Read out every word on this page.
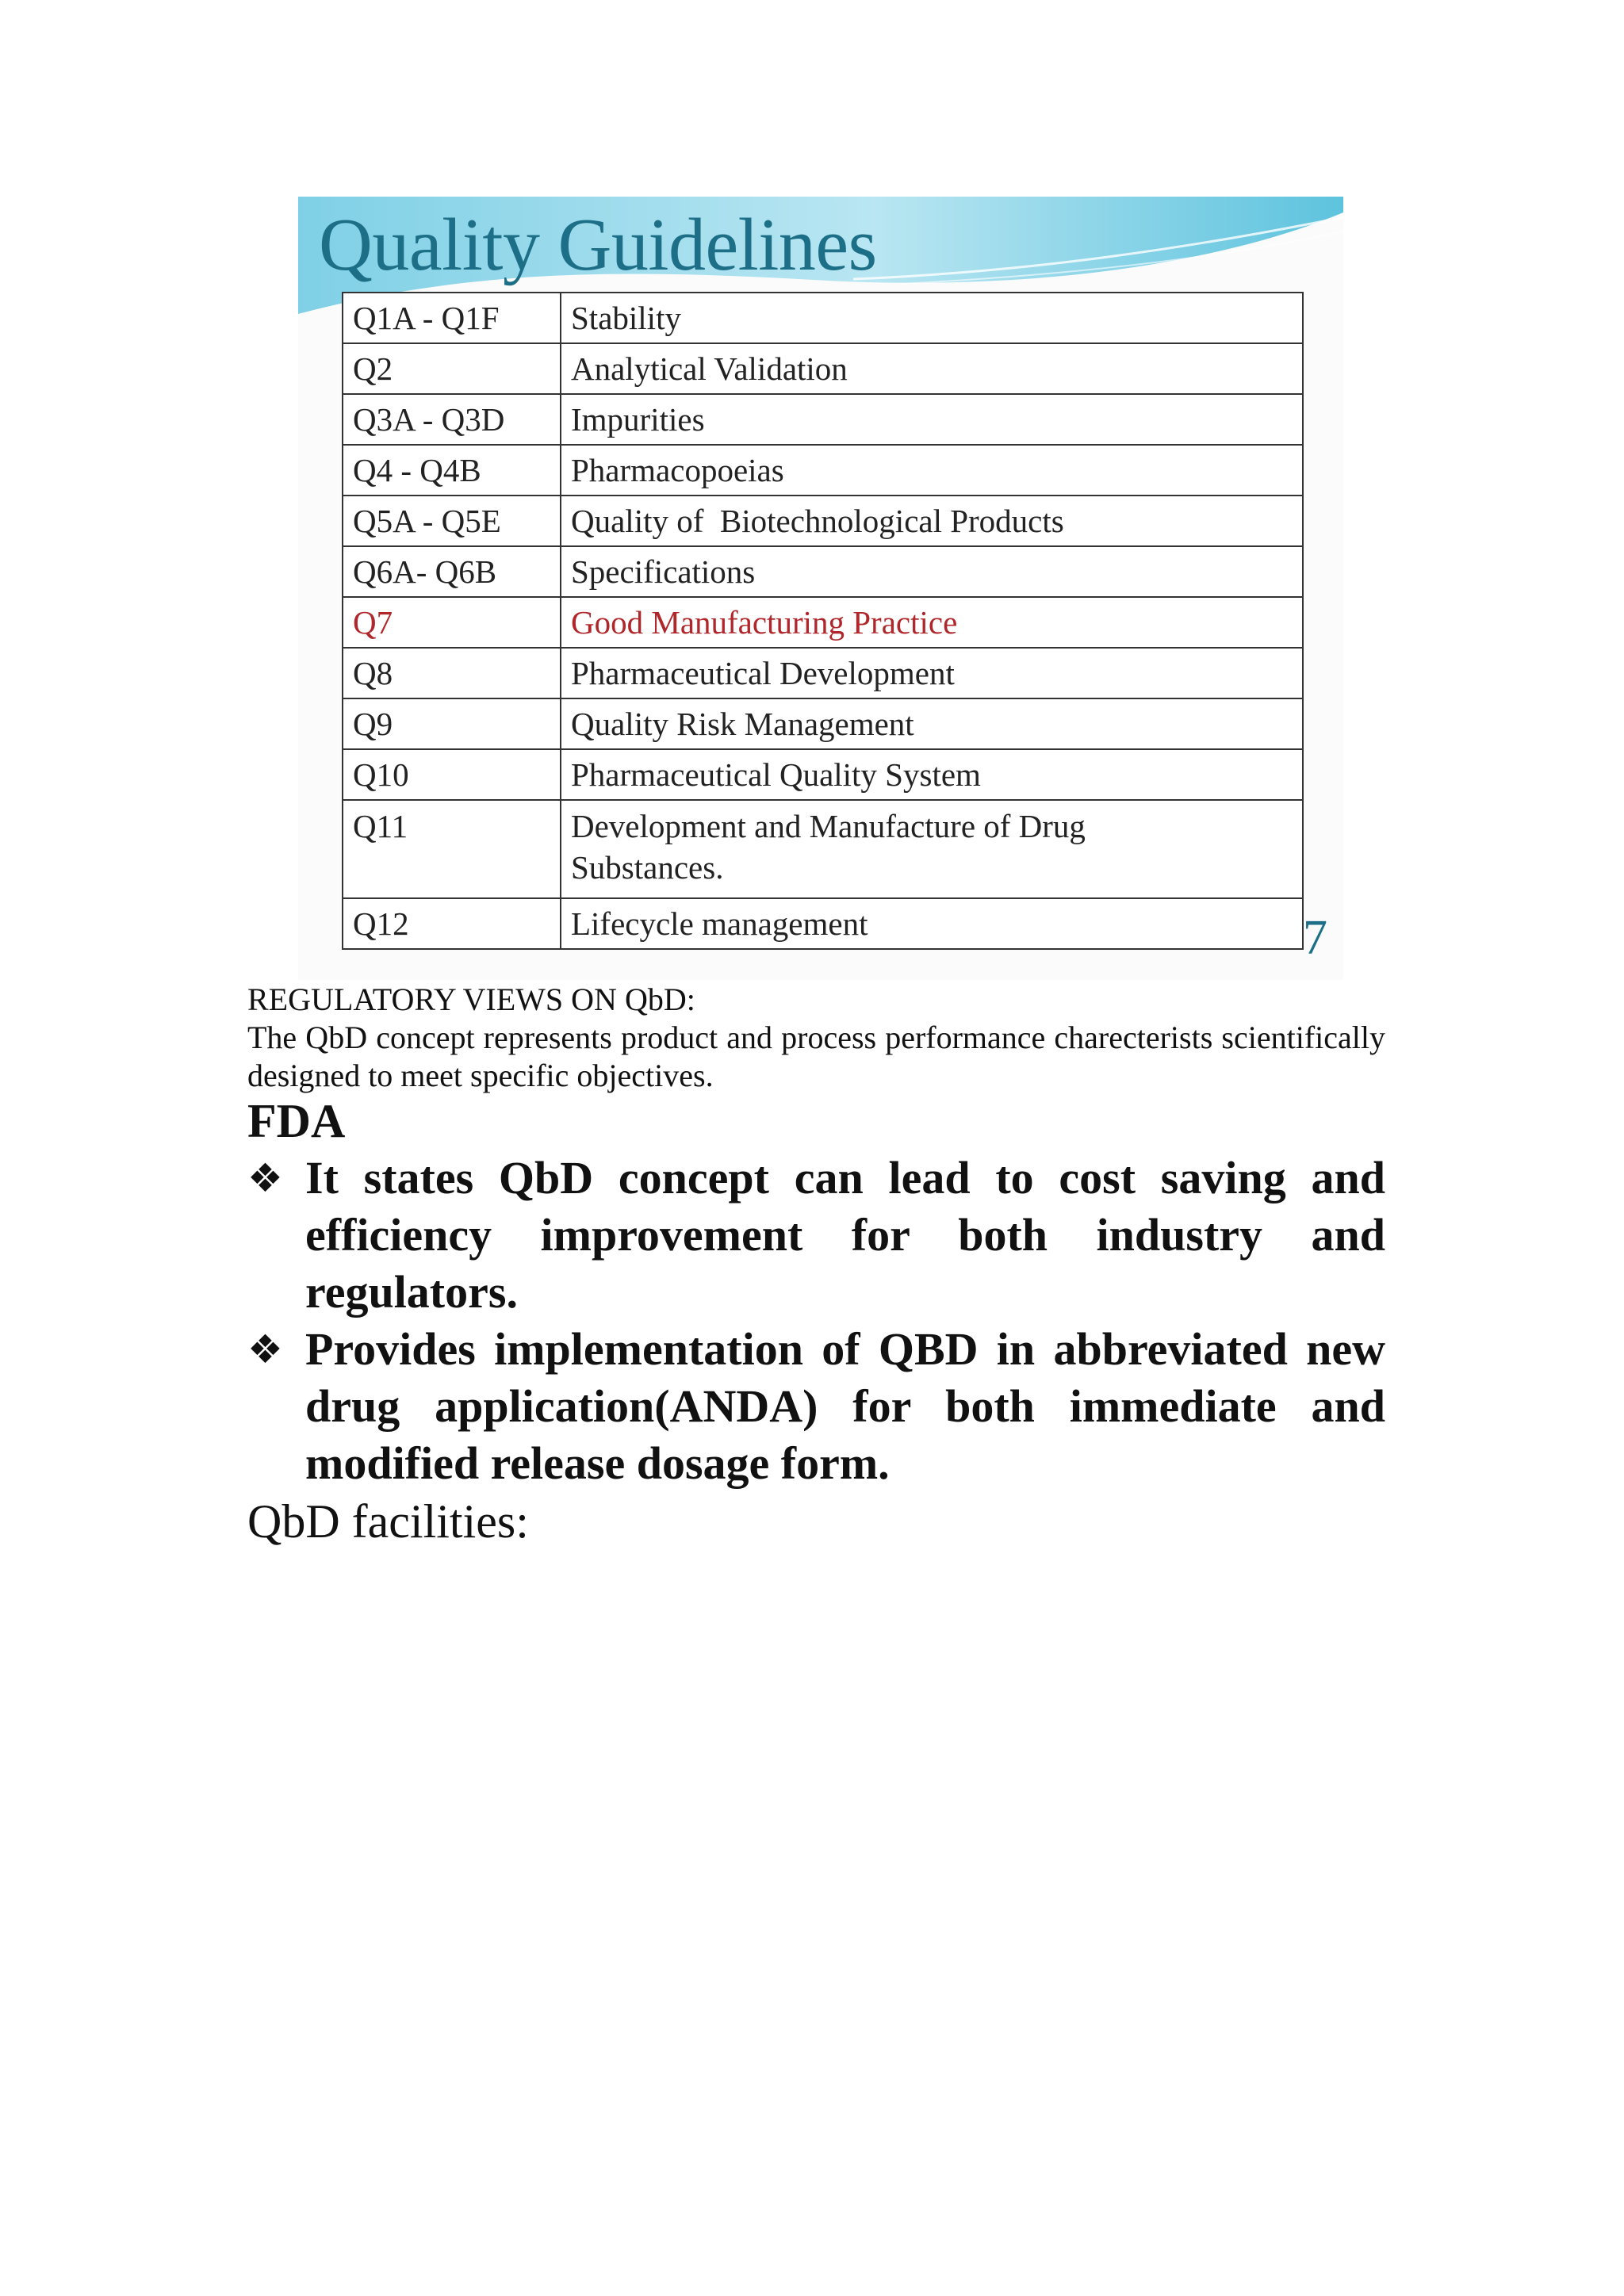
Quality Guidelines
Q1A - Q1F	Stability
Q2	Analytical Validation
Q3A - Q3D	Impurities
Q4 - Q4B	Pharmacopoeias
Q5A - Q5E	Quality of  Biotechnological Products
Q6A- Q6B	Specifications
Q7	Good Manufacturing Practice
Q8	Pharmaceutical Development
Q9	Quality Risk Management
Q10	Pharmaceutical Quality System
Q11	Development and Manufacture of Drug Substances.
Q12	Lifecycle management	7
REGULATORY VIEWS ON QbD:

The QbD concept represents product and process performance charecterists scientifically designed to meet specific objectives.

FDA
❖ It states QbD concept can lead to cost saving and efficiency improvement for both industry and regulators.
❖ Provides implementation of QBD in abbreviated new drug application(ANDA) for both immediate and modified release dosage form.
QbD facilities:
